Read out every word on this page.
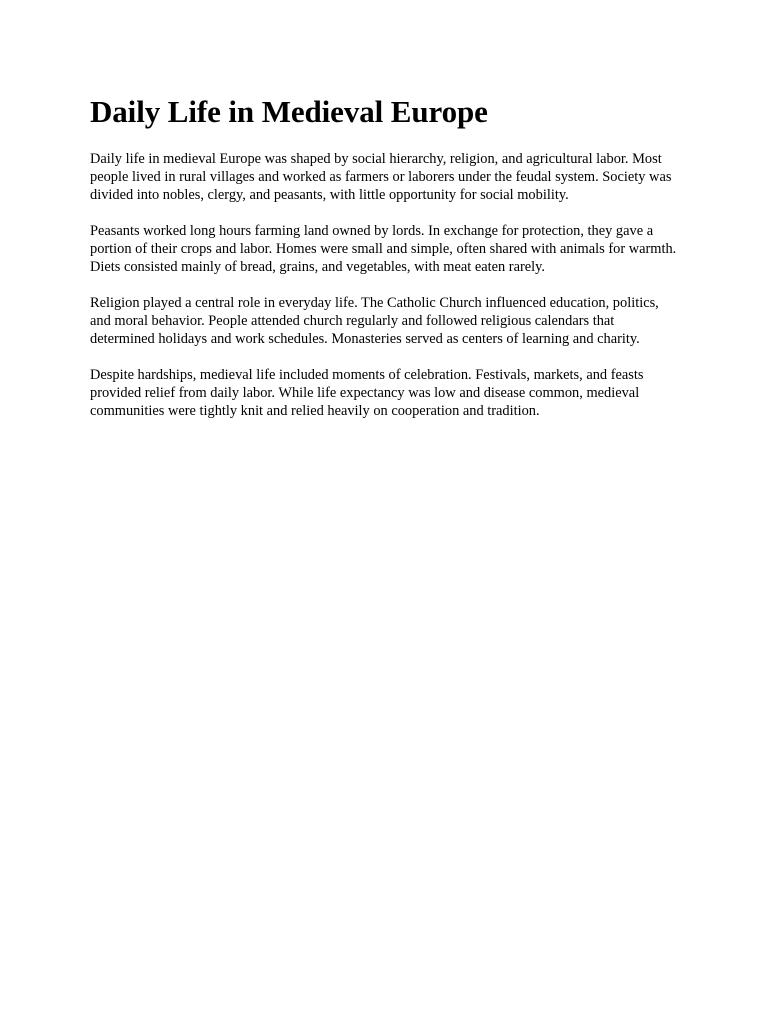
Daily Life in Medieval Europe

Daily life in medieval Europe was shaped by social hierarchy, religion, and agricultural labor. Most people lived in rural villages and worked as farmers or laborers under the feudal system. Society was divided into nobles, clergy, and peasants, with little opportunity for social mobility.

Peasants worked long hours farming land owned by lords. In exchange for protection, they gave a portion of their crops and labor. Homes were small and simple, often shared with animals for warmth. Diets consisted mainly of bread, grains, and vegetables, with meat eaten rarely.

Religion played a central role in everyday life. The Catholic Church influenced education, politics, and moral behavior. People attended church regularly and followed religious calendars that determined holidays and work schedules. Monasteries served as centers of learning and charity.

Despite hardships, medieval life included moments of celebration. Festivals, markets, and feasts provided relief from daily labor. While life expectancy was low and disease common, medieval communities were tightly knit and relied heavily on cooperation and tradition.
